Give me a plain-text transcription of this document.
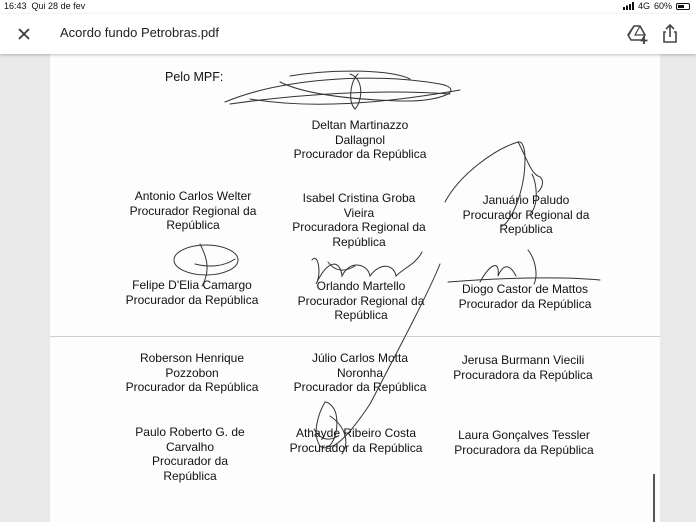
16:43 Qui 28 de fev	4G 60%
Acordo fundo Petrobras.pdf
Pelo MPF:
Deltan Martinazzo
Dallagnol
Procurador da República
Antonio Carlos Welter
Procurador Regional da
República
Isabel Cristina Groba
Vieira
Procuradora Regional da
República
Januário Paludo
Procurador Regional da
República
Felipe D'Elia Camargo
Procurador da República
Orlando Martello
Procurador Regional da
República
Diogo Castor de Mattos
Procurador da República
Roberson Henrique
Pozzobon
Procurador da República
Júlio Carlos Motta
Noronha
Procurador da República
Jerusa Burmann Viecili
Procuradora da República
Paulo Roberto G. de
Carvalho
Procurador da
República
Athayde Ribeiro Costa
Procurador da República
Laura Gonçalves Tessler
Procuradora da República
